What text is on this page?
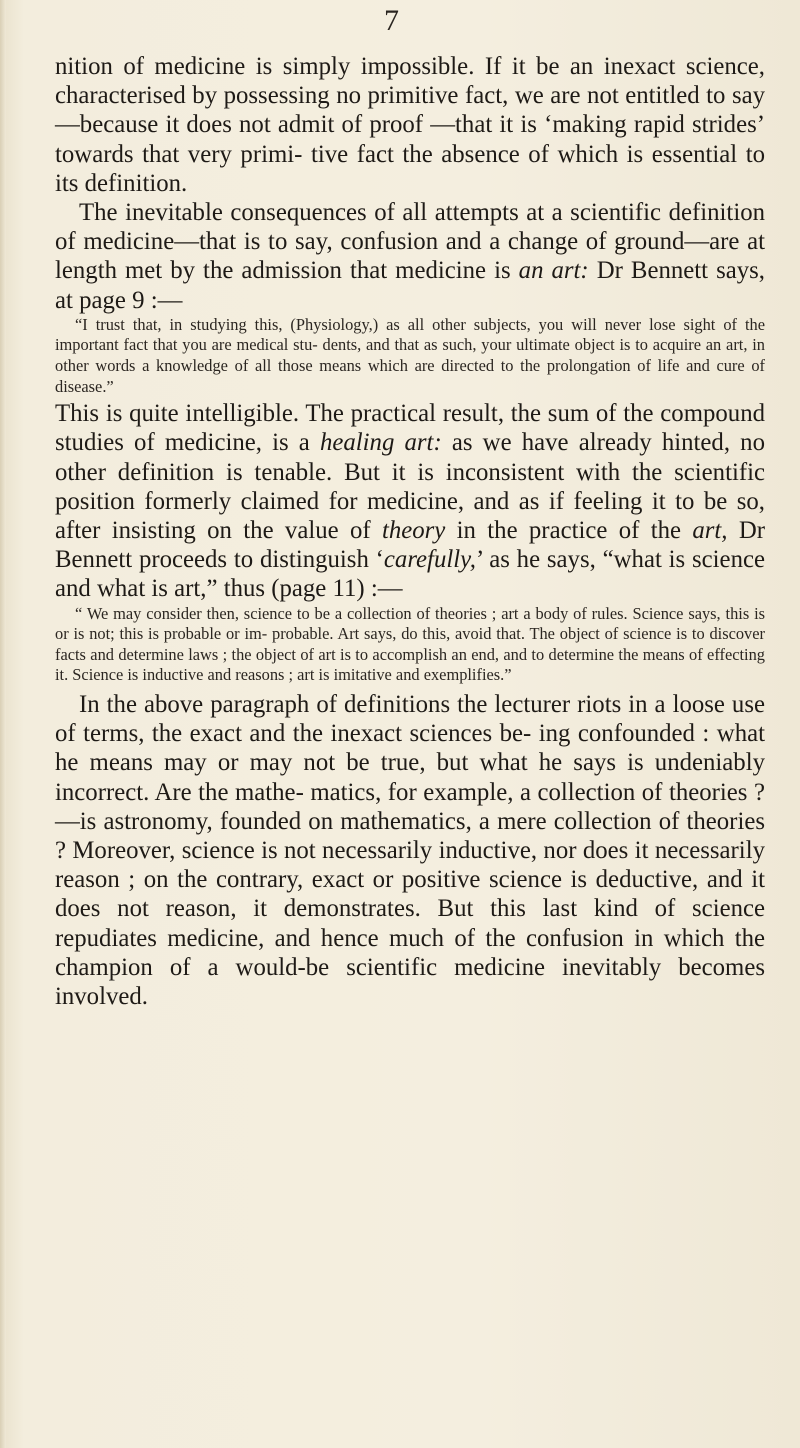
7

nition of medicine is simply impossible. If it be an inexact science, characterised by possessing no primitive fact, we are not entitled to say—because it does not admit of proof —that it is ‘making rapid strides’ towards that very primi- tive fact the absence of which is essential to its definition.

The inevitable consequences of all attempts at a scientific definition of medicine—that is to say, confusion and a change of ground—are at length met by the admission that medicine is an art: Dr Bennett says, at page 9 :—

“I trust that, in studying this, (Physiology,) as all other subjects, you will never lose sight of the important fact that you are medical stu- dents, and that as such, your ultimate object is to acquire an art, in other words a knowledge of all those means which are directed to the prolongation of life and cure of disease.”

This is quite intelligible. The practical result, the sum of the compound studies of medicine, is a healing art: as we have already hinted, no other definition is tenable. But it is inconsistent with the scientific position formerly claimed for medicine, and as if feeling it to be so, after insisting on the value of theory in the practice of the art, Dr Bennett proceeds to distinguish ‘carefully,’ as he says, “what is science and what is art,” thus (page 11) :—

“ We may consider then, science to be a collection of theories ; art a body of rules. Science says, this is or is not; this is probable or im- probable. Art says, do this, avoid that. The object of science is to discover facts and determine laws ; the object of art is to accomplish an end, and to determine the means of effecting it. Science is inductive and reasons ; art is imitative and exemplifies.”

In the above paragraph of definitions the lecturer riots in a loose use of terms, the exact and the inexact sciences be- ing confounded : what he means may or may not be true, but what he says is undeniably incorrect. Are the mathe- matics, for example, a collection of theories ?—is astronomy, founded on mathematics, a mere collection of theories ? Moreover, science is not necessarily inductive, nor does it necessarily reason ; on the contrary, exact or positive science is deductive, and it does not reason, it demonstrates. But this last kind of science repudiates medicine, and hence much of the confusion in which the champion of a would-be scientific medicine inevitably becomes involved.
